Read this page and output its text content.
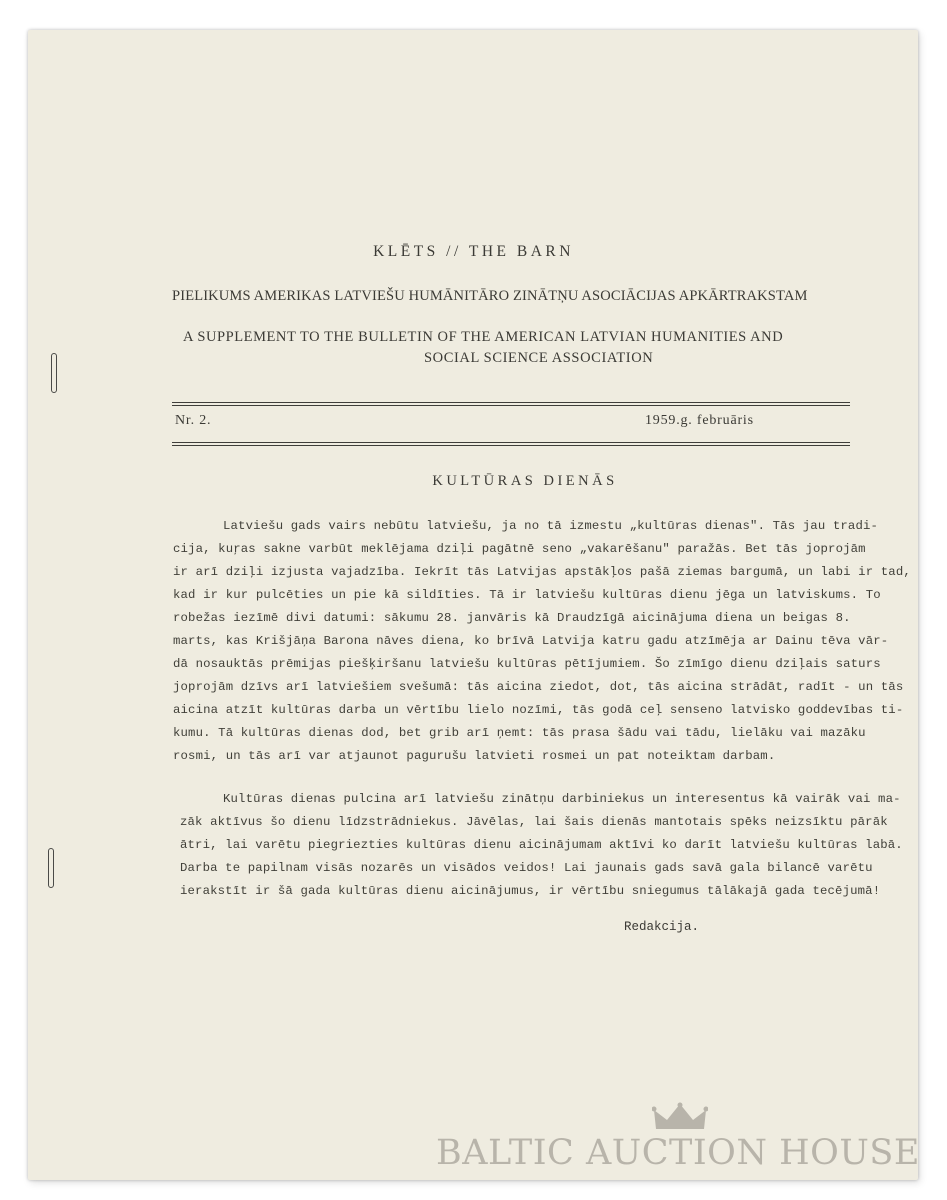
KLĒTS // THE BARN
PIELIKUMS AMERIKAS LATVIEŠU HUMĀNITĀRO ZINĀTŅU ASOCIĀCIJAS APKĀRTRAKSTAM
A SUPPLEMENT TO THE BULLETIN OF THE AMERICAN LATVIAN HUMANITIES AND
SOCIAL SCIENCE ASSOCIATION
Nr. 2.	1959.g. februāris
KULTŪRAS DIENĀS
Latviešu gads vairs nebūtu latviešu, ja no tā izmestu „kultūras dienas". Tās jau tradi-
cija, kuŗas sakne varbūt meklējama dziļi pagātnē seno „vakarēšanu" paražās. Bet tās joprojām
ir arī dziļi izjusta vajadzība. Iekrīt tās Latvijas apstākļos pašā ziemas bargumā, un labi ir tad,
kad ir kur pulcēties un pie kā sildīties. Tā ir latviešu kultūras dienu jēga un latviskums. To
robežas iezīmē divi datumi: sākumu 28. janvāris kā Draudzīgā aicinājuma diena un beigas 8.
marts, kas Krišjāņa Barona nāves diena, ko brīvā Latvija katru gadu atzīmēja ar Dainu tēva vār-
dā nosauktās prēmijas piešķiršanu latviešu kultūras pētījumiem. Šo zīmīgo dienu dziļais saturs
joprojām dzīvs arī latviešiem svešumā: tās aicina ziedot, dot, tās aicina strādāt, radīt - un tās
aicina atzīt kultūras darba un vērtību lielo nozīmi, tās godā ceļ senseno latvisko goddevības ti-
kumu. Tā kultūras dienas dod, bet grib arī ņemt: tās prasa šādu vai tādu, lielāku vai mazāku
rosmi, un tās arī var atjaunot pagurušu latvieti rosmei un pat noteiktam darbam.
Kultūras dienas pulcina arī latviešu zinātņu darbiniekus un interesentus kā vairāk vai ma-
zāk aktīvus šo dienu līdzstrādniekus. Jāvēlas, lai šais dienās mantotais spēks neizsīktu pārāk
ātri, lai varētu piegriezties kultūras dienu aicinājumam aktīvi ko darīt latviešu kultūras labā.
Darba te papilnam visās nozarēs un visādos veidos! Lai jaunais gads savā gala bilancē varētu
ierakstīt ir šā gada kultūras dienu aicinājumus, ir vērtību sniegumus tālākajā gada tecējumā!
Redakcija.
BALTIC AUCTION HOUSE
